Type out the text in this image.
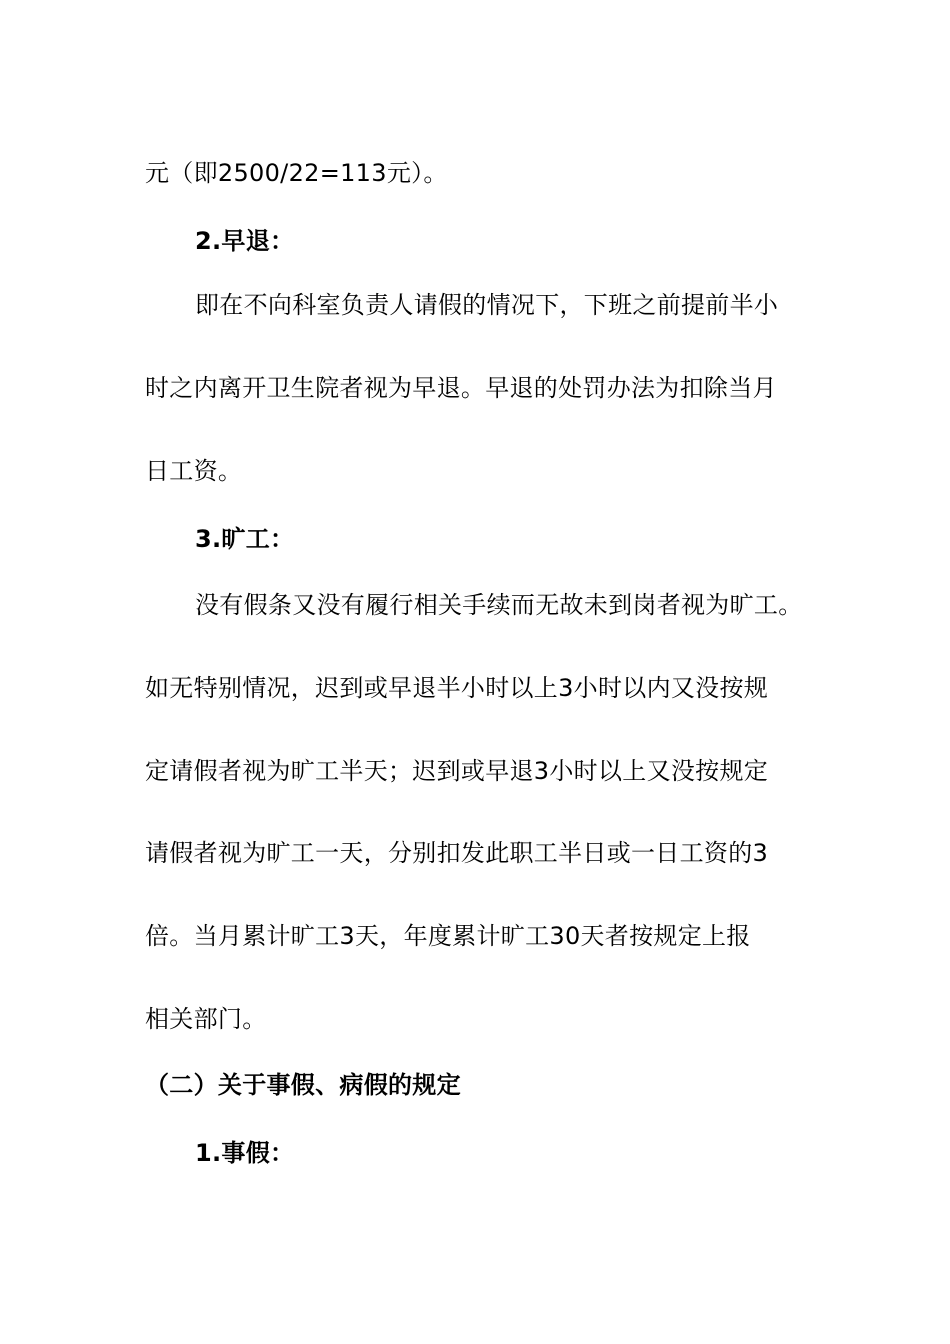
元（即2500/22=113元）。
2.早退：
即在不向科室负责人请假的情况下，下班之前提前半小
时之内离开卫生院者视为早退。早退的处罚办法为扣除当月
日工资。
3.旷工：
没有假条又没有履行相关手续而无故未到岗者视为旷工。
如无特别情况，迟到或早退半小时以上3小时以内又没按规
定请假者视为旷工半天；迟到或早退3小时以上又没按规定
请假者视为旷工一天，分别扣发此职工半日或一日工资的3
倍。当月累计旷工3天，年度累计旷工30天者按规定上报
相关部门。
（二）关于事假、病假的规定
1.事假：
